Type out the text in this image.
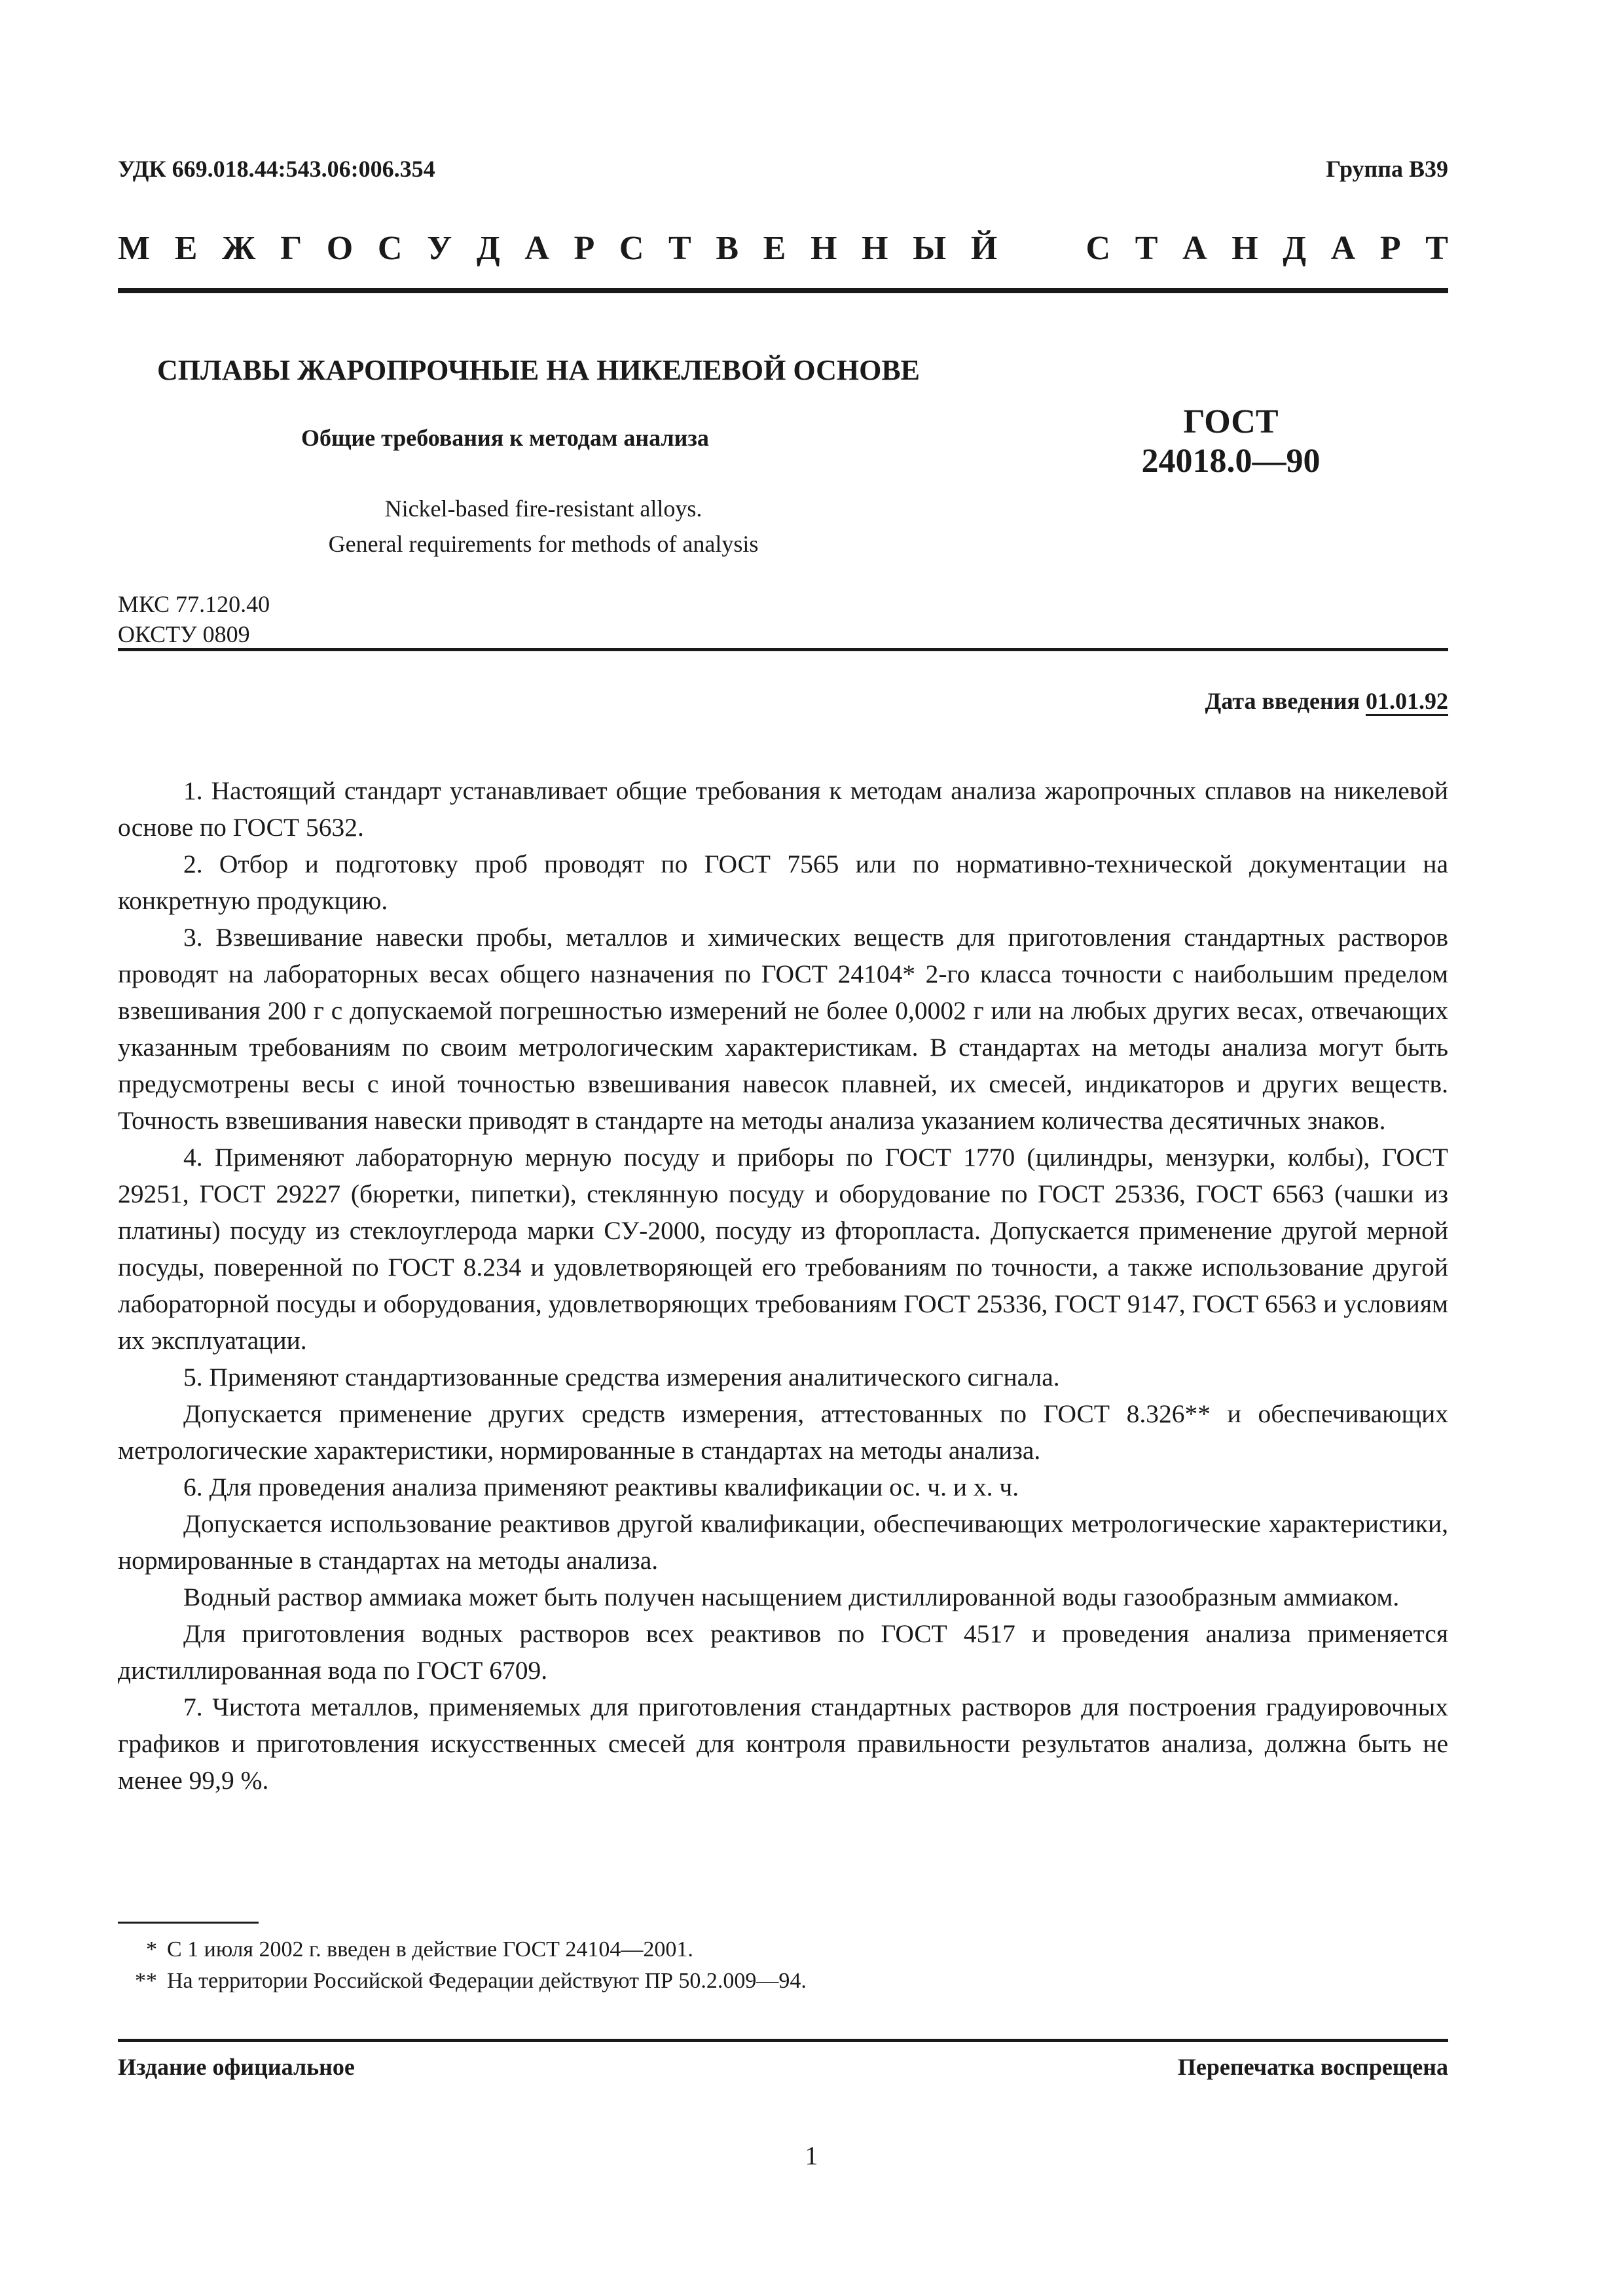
УДК 669.018.44:543.06:006.354	Группа В39
М Е Ж Г О С У Д А Р С Т В Е Н Н Ы Й	С Т А Н Д А Р Т
СПЛАВЫ ЖАРОПРОЧНЫЕ НА НИКЕЛЕВОЙ ОСНОВЕ
Общие требования к методам анализа
Nickel-based fire-resistant alloys.
General requirements for methods of analysis
ГОСТ
24018.0—90
МКС 77.120.40
ОКСТУ 0809
Дата введения 01.01.92

1. Настоящий стандарт устанавливает общие требования к методам анализа жаропрочных сплавов на никелевой основе по ГОСТ 5632.

2. Отбор и подготовку проб проводят по ГОСТ 7565 или по нормативно-технической документации на конкретную продукцию.

3. Взвешивание навески пробы, металлов и химических веществ для приготовления стандартных растворов проводят на лабораторных весах общего назначения по ГОСТ 24104* 2-го класса точности с наибольшим пределом взвешивания 200 г с допускаемой погрешностью измерений не более 0,0002 г или на любых других весах, отвечающих указанным требованиям по своим метрологическим характеристикам. В стандартах на методы анализа могут быть предусмотрены весы с иной точностью взвешивания навесок плавней, их смесей, индикаторов и других веществ. Точность взвешивания навески приводят в стандарте на методы анализа указанием количества десятичных знаков.

4. Применяют лабораторную мерную посуду и приборы по ГОСТ 1770 (цилиндры, мензурки, колбы), ГОСТ 29251, ГОСТ 29227 (бюретки, пипетки), стеклянную посуду и оборудование по ГОСТ 25336, ГОСТ 6563 (чашки из платины) посуду из стеклоуглерода марки СУ-2000, посуду из фторопласта. Допускается применение другой мерной посуды, поверенной по ГОСТ 8.234 и удовлетворяющей его требованиям по точности, а также использование другой лабораторной посуды и оборудования, удовлетворяющих требованиям ГОСТ 25336, ГОСТ 9147, ГОСТ 6563 и условиям их эксплуатации.

5. Применяют стандартизованные средства измерения аналитического сигнала.

Допускается применение других средств измерения, аттестованных по ГОСТ 8.326** и обеспечивающих метрологические характеристики, нормированные в стандартах на методы анализа.

6. Для проведения анализа применяют реактивы квалификации ос. ч. и х. ч.

Допускается использование реактивов другой квалификации, обеспечивающих метрологические характеристики, нормированные в стандартах на методы анализа.

Водный раствор аммиака может быть получен насыщением дистиллированной воды газообразным аммиаком.

Для приготовления водных растворов всех реактивов по ГОСТ 4517 и проведения анализа применяется дистиллированная вода по ГОСТ 6709.

7. Чистота металлов, применяемых для приготовления стандартных растворов для построения градуировочных графиков и приготовления искусственных смесей для контроля правильности результатов анализа, должна быть не менее 99,9 %.

* С 1 июля 2002 г. введен в действие ГОСТ 24104—2001.
** На территории Российской Федерации действуют ПР 50.2.009—94.
Издание официальное	Перепечатка воспрещена
1
